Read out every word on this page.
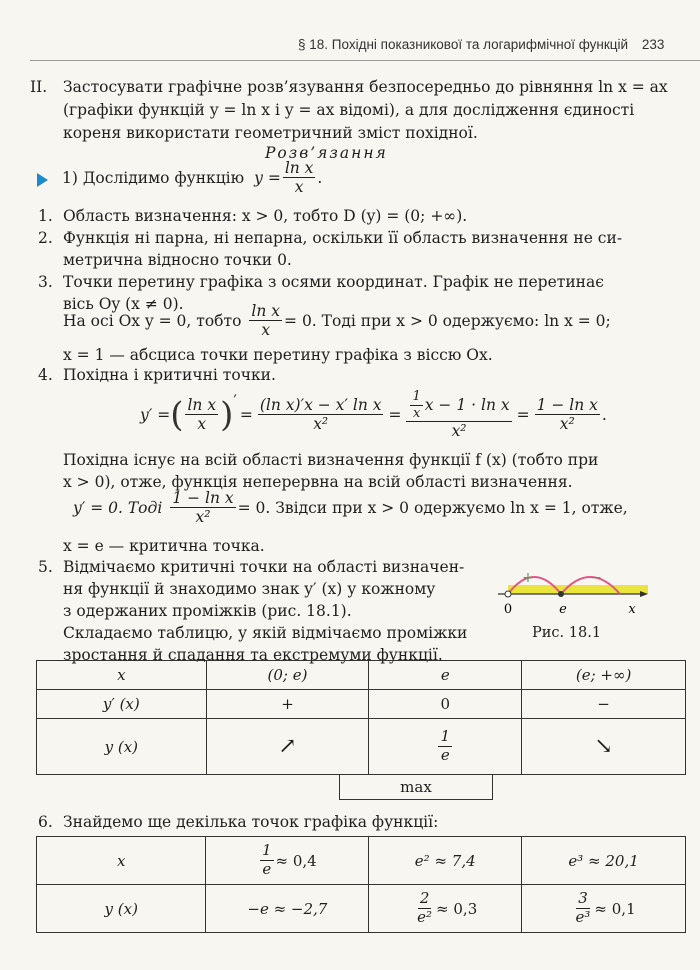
§ 18. Похідні показникової та логарифмічної функцій 233
II. Застосувати графічне розв’язування безпосередньо до рівняння ln x = ax
(графіки функцій y = ln x і y = ax відомі), а для дослідження єдиності
кореня використати геометричний зміст похідної.
Розв’язання
1) Дослідимо функцію $y = \frac{\text{ln x}}{x}$ .
1. Область визначення: x > 0, тобто D (y) = (0; +∞).
2. Функція ні парна, ні непарна, оскільки її область визначення не си-
метрична відносно точки 0.
3. Точки перетину графіка з осями координат. Графік не перетинає
вісь Oy (x ≠ 0).
На осі Ox y = 0, тобто $\frac{\text{ln x}}{x} = 0$. Тоді при x > 0 одержуємо: ln x = 0;
x = 1 — абсциса точки перетину графіка з віссю Ox.
4. Похідна і критичні точки.
y′ = ( $\frac{\text{ln x}}{x}$ ) ′
= $\frac{\text{(ln x)′x − x′ ln x}}{\text{x²}} = \frac{\frac{1}{x} x - 1 \cdot \ln x}{\text{x²}} = \frac{\text{1 − ln x}}{\text{x²}}$ .
Похідна існує на всій області визначення функції f (x) (тобто при
x > 0), отже, функція неперервна на всій області визначення.
y′ = 0. Тоді $\frac{\text{1 − ln x}}{\text{x²}} = 0$. Звідси при x > 0 одержуємо ln x = 1, отже,
x = e — критична точка.
5. Відмічаємо критичні точки на області визначен-
ня функції й знаходимо знак y′ (x) у кожному
з одержаних проміжків (рис. 18.1).
Складаємо таблицю, у якій відмічаємо проміжки
зростання й спадання та екстремуми функції.
+	−
0	e	x
Рис. 18.1
x	(0; e)	e	(e; +∞)
y′ (x)	+	0	−
y (x)	↗	$\frac{1}{e}$	↘
max
6. Знайдемо ще декілька точок графіка функції:
x	$\frac{1}{e} \approx 0,4$	e² ≈ 7,4	e³ ≈ 20,1
y (x)	−e ≈ −2,7	$\frac{2}{\text{e²}} \approx 0,3$	$\frac{3}{\text{e³}} \approx 0,1$
